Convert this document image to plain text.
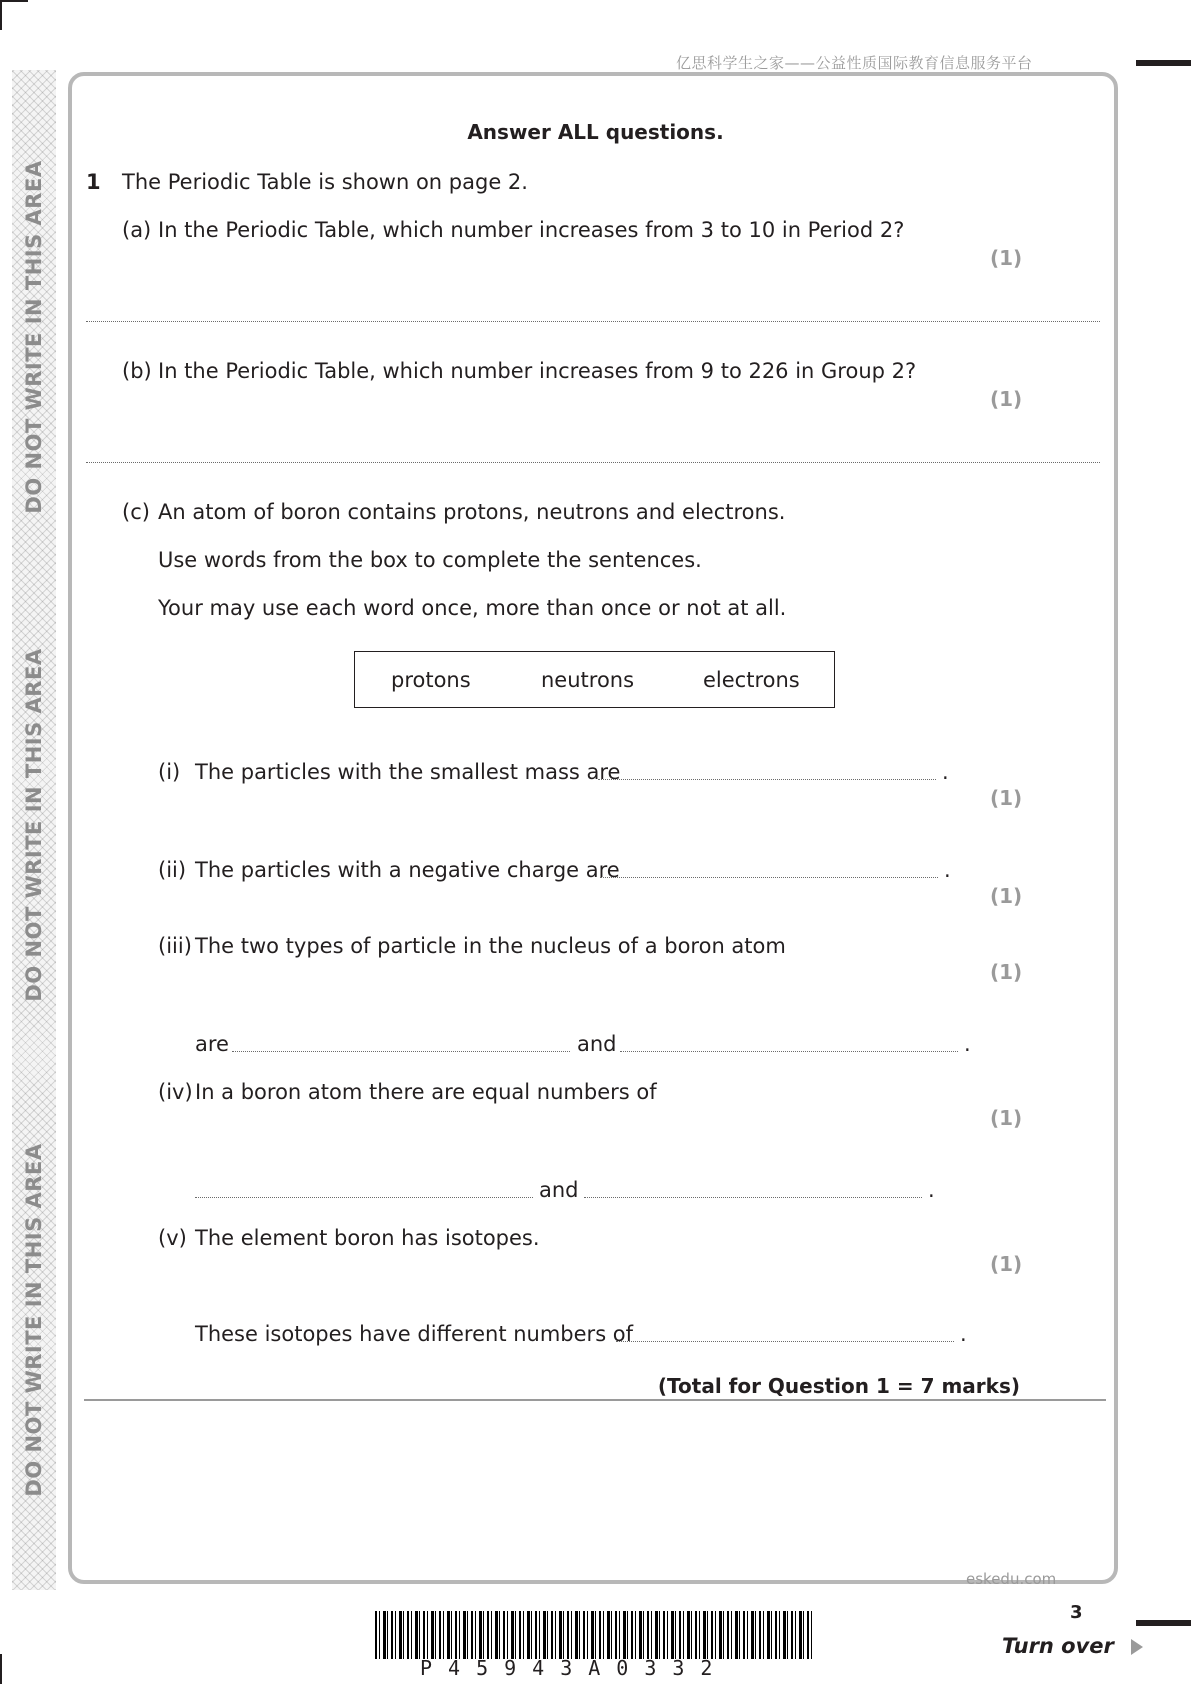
亿思科学生之家——公益性质国际教育信息服务平台
DO NOT WRITE IN THIS AREA
DO NOT WRITE IN THIS AREA
DO NOT WRITE IN THIS AREA
Answer ALL questions.
1 The Periodic Table is shown on page 2.
(a) In the Periodic Table, which number increases from 3 to 10 in Period 2?
(1)
(b) In the Periodic Table, which number increases from 9 to 226 in Group 2?
(1)
(c) An atom of boron contains protons, neutrons and electrons.
Use words from the box to complete the sentences.
Your may use each word once, more than once or not at all.
protons	neutrons	electrons
(i) The particles with the smallest mass are	.
(1)
(ii) The particles with a negative charge are	.
(1)
(iii) The two types of particle in the nucleus of a boron atom
(1)
are	and	.
(iv) In a boron atom there are equal numbers of
(1)
and	.
(v) The element boron has isotopes.
(1)
These isotopes have different numbers of	.
(Total for Question 1 = 7 marks)
eskedu.com
3
P45943A0332
Turn over
